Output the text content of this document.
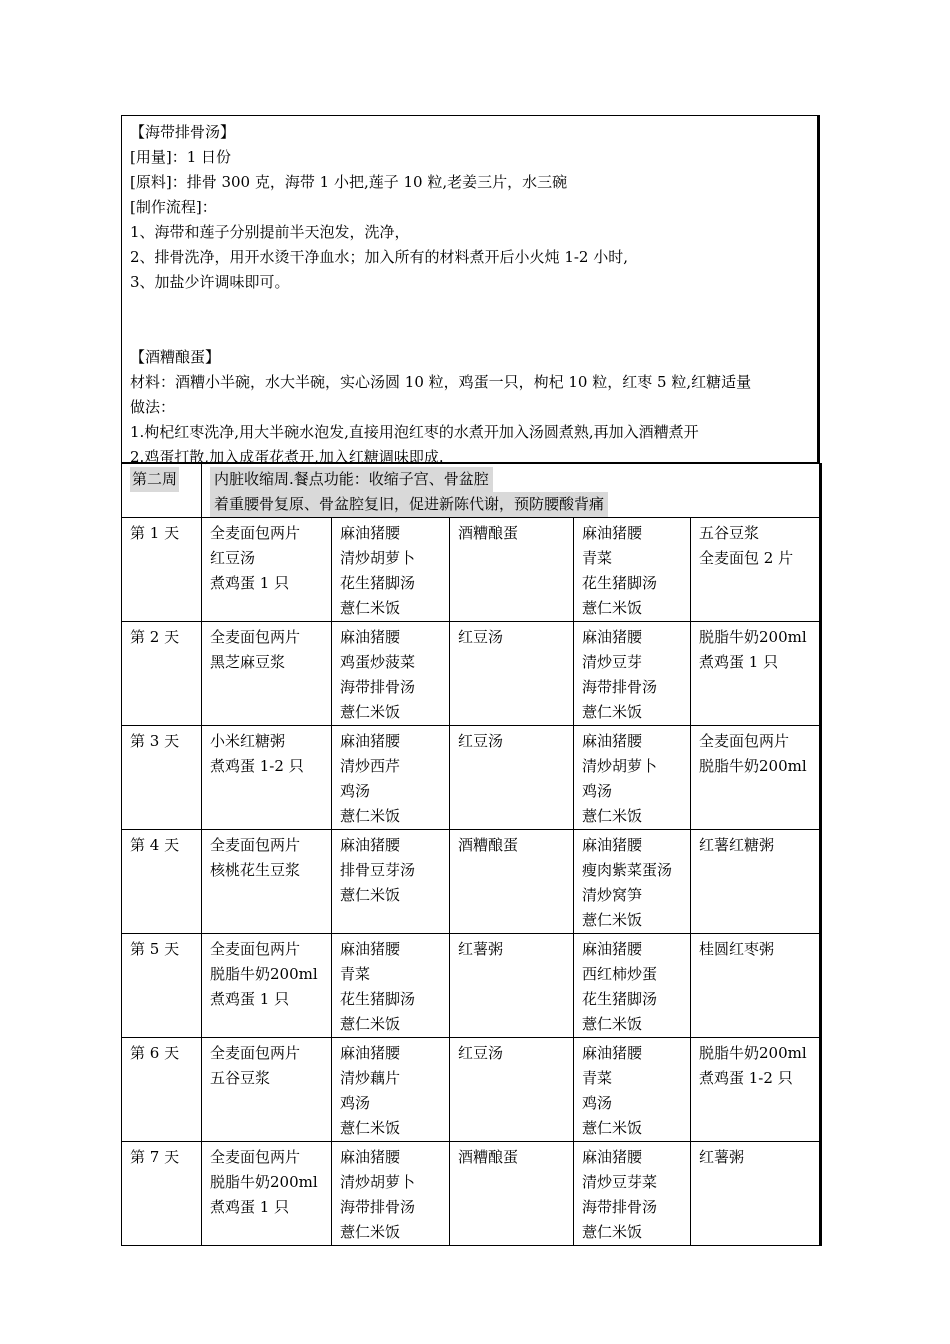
【海带排骨汤】
[用量]：1 日份
[原料]：排骨 300 克，海带 1 小把,莲子 10 粒,老姜三片，水三碗
[制作流程]：
1、海带和莲子分别提前半天泡发，洗净，
2、排骨洗净，用开水烫干净血水；加入所有的材料煮开后小火炖 1-2 小时,
3、加盐少许调味即可。
【酒糟酿蛋】
材料：酒糟小半碗，水大半碗，实心汤圆 10 粒，鸡蛋一只，枸杞 10 粒，红枣 5 粒,红糖适量
做法：
1.枸杞红枣洗净,用大半碗水泡发,直接用泡红枣的水煮开加入汤圆煮熟,再加入酒糟煮开
2.鸡蛋打散,加入成蛋花煮开,加入红糖调味即成.
第二周	内脏收缩周.餐点功能：收缩子宫、骨盆腔
着重腰骨复原、骨盆腔复旧，促进新陈代谢，预防腰酸背痛				

第 1 天	全麦面包两片
红豆汤
煮鸡蛋 1 只	麻油猪腰
清炒胡萝卜
花生猪脚汤
薏仁米饭	酒糟酿蛋	麻油猪腰
青菜
花生猪脚汤
薏仁米饭	五谷豆浆
全麦面包 2 片

第 2 天	全麦面包两片
黑芝麻豆浆	麻油猪腰
鸡蛋炒菠菜
海带排骨汤
薏仁米饭	红豆汤	麻油猪腰
清炒豆芽
海带排骨汤
薏仁米饭	脱脂牛奶200ml
煮鸡蛋 1 只

第 3 天	小米红糖粥
煮鸡蛋 1-2 只	麻油猪腰
清炒西芹
鸡汤
薏仁米饭	红豆汤	麻油猪腰
清炒胡萝卜
鸡汤
薏仁米饭	全麦面包两片
脱脂牛奶200ml

第 4 天	全麦面包两片
核桃花生豆浆	麻油猪腰
排骨豆芽汤
薏仁米饭	酒糟酿蛋	麻油猪腰
瘦肉紫菜蛋汤
清炒窝笋
薏仁米饭	红薯红糖粥

第 5 天	全麦面包两片
脱脂牛奶200ml
煮鸡蛋 1 只	麻油猪腰
青菜
花生猪脚汤
薏仁米饭	红薯粥	麻油猪腰
西红柿炒蛋
花生猪脚汤
薏仁米饭	桂圆红枣粥

第 6 天	全麦面包两片
五谷豆浆	麻油猪腰
清炒藕片
鸡汤
薏仁米饭	红豆汤	麻油猪腰
青菜
鸡汤
薏仁米饭	脱脂牛奶200ml
煮鸡蛋 1-2 只

第 7 天	全麦面包两片
脱脂牛奶200ml
煮鸡蛋 1 只	麻油猪腰
清炒胡萝卜
海带排骨汤
薏仁米饭	酒糟酿蛋	麻油猪腰
清炒豆芽菜
海带排骨汤
薏仁米饭	红薯粥
